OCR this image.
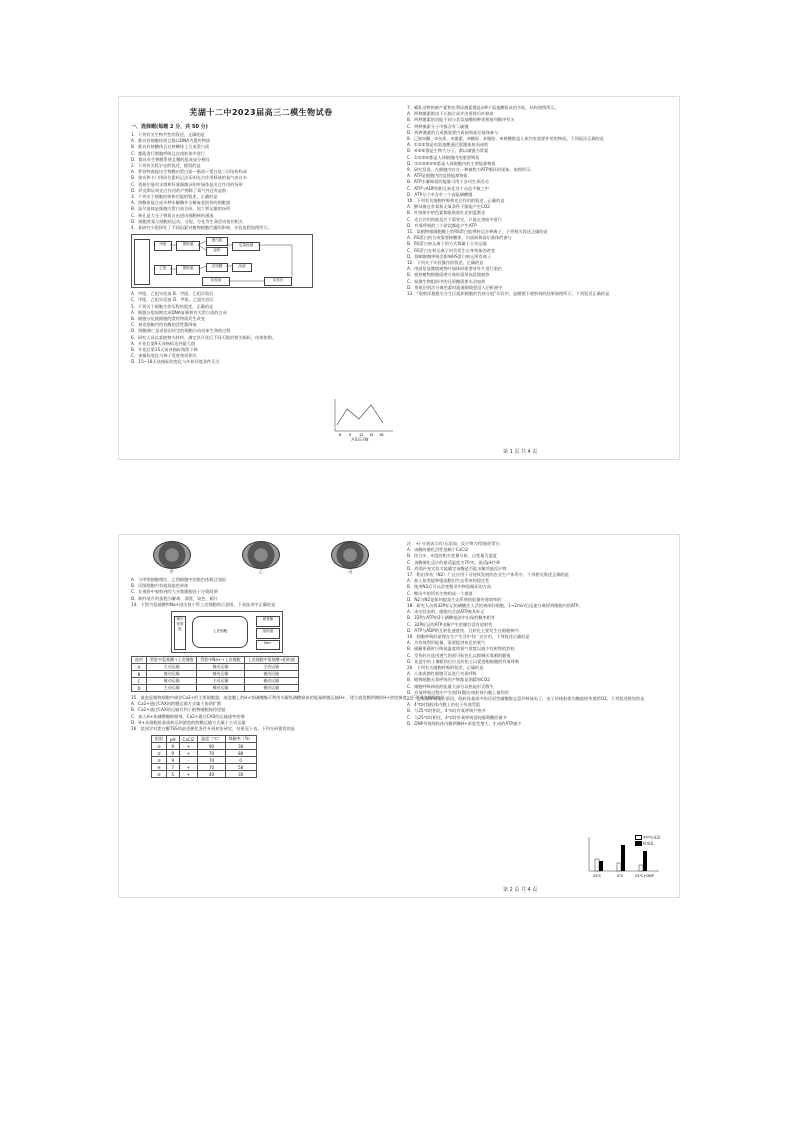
芜湖十二中2023届高三二模生物试卷
一、选择题(每题 2 分，共 50 分)
1．下列有关生物共性的叙述，正确的是
A．都具有细胞结构且都以DNA为遗传物质
B．都具有核糖体且在核糖体上合成蛋白质
C．都能进行细胞呼吸且在线粒体中进行
D．都具有生物膜系统且膜的组成成分相同
2．下列有关科学史的叙述，错误的是
A．罗伯特森提出生物膜由蛋白质—脂质—蛋白质三层结构构成
B．鲁宾和卡门用同位素标记法证明光合作用释放的氧气来自水
C．恩格尔曼用水绵和好氧细菌证明叶绿体是光合作用的场所
D．萨克斯证明光合作用的产物除了氧气外还有淀粉
3．下列关于细胞结构和功能的叙述，正确的是
A．溶酶体能合成多种水解酶并分解衰老损伤的细胞器
B．高尔基体是细胞内蛋白质合成、加工和运输的场所
C．核孔是大分子物质自由进出细胞核的通道
D．细胞骨架与细胞的运动、分裂、分化等生命活动密切相关
4．某研究小组探究了不同因素对植物细胞代谢的影响，实验流程如图所示。
甲组
乙组
提取液
提取液
蛋白质
淀粉
还原糖
定量检测
溶液
实验前	实验后
A．甲组、乙组实验前 B．甲组、乙组实验后
C．甲组、乙组实验前 D．甲组、乙组实验后
5．下列关于细胞生命历程的叙述，正确的是
A．细胞分裂间期完成DNA复制和有关蛋白质的合成
B．细胞分化使细胞的遗传物质发生改变
C．衰老细胞内所有酶的活性都降低
D．细胞凋亡是由基因决定的细胞自动结束生命的过程
6．研究人员以某植物为材料，测定其开花后不同天数的相关指标，结果如图。
A．开花后第9天该指标达到最大值
B．开花后第15天前该指标持续下降
C．该指标变化与种子发育密切相关
D．15~18天该指标的变化与外界环境条件无关
6 9 12 15 18
开花后天数
7．哺乳动物的催产素和抗利尿激素都是由9个氨基酸组成的多肽，结构如图所示。
A．两种激素都由下丘脑合成并由垂体后叶释放
B．两种激素的功能不同与其氨基酸的种类和排列顺序有关
C．两种激素分子中都含有二硫键
D．两种激素的合成都需要内质网和高尔基体参与
8．已知①酶、②抗体、③激素、④糖原、⑤脂肪、⑥核酸都是人体内有重要作用的物质，下列说法正确的是
A．①②③都是由氨基酸通过肽键连接而成的
B．④⑤⑥都是生物大分子，都以碳链为骨架
C．①②③⑥都是人体细胞内的重要物质
D．①②③④⑤⑥都是人体细胞内的主要能源物质
9．研究发现，在细胞内存在一种被称为ATP循环的现象，如图所示。
A．ATP是细胞内的直接能源物质
B．ATP水解释放的能量可用于各项生命活动
C．ATP与ADP的相互转化处于动态平衡之中
D．ATP分子中含有三个高能磷酸键
10．下列有关细胞呼吸和光合作用的叙述，正确的是
A．酵母菌在有氧和无氧条件下都能产生CO2
B．叶绿体中的色素都能吸收红光和蓝紫光
C．光合作用的暗反应不需要光，只能在黑暗中进行
D．有氧呼吸的三个阶段都能产生ATP
11．某植物根细胞膜上的RS蛋白能够转运多种离子，下列相关叙述正确的是
A．RS蛋白的合成需要核糖体、内质网和高尔基体的参与
B．RS蛋白转运离子的方式都属于主动运输
C．RS蛋白在转运离子时会发生自身构象的改变
D．抑制细胞呼吸会影响RS蛋白转运所有离子
12．下列关于实验操作的叙述，正确的是
A．用高倍显微镜观察叶绿体时需要对叶片进行染色
B．观察植物细胞质壁分离时需用高倍镜观察
C．检测生物组织中的还原糖需要水浴加热
D．用纸层析法分离色素时滤液细线要浸入层析液中
13．“观察洋葱根尖分生区组织细胞的有丝分裂”实验中，显微镜下观察到的结果如图所示，下列叙述正确的是
第 1 页 共 4 页
甲	乙	丙
A．与甲图细胞相比，乙图细胞中的染色体数目加倍
B．丙图细胞内有姐妹染色单体
C．在视野中观察到的大多数细胞处于分裂间期
D．制作装片的流程为解离、漂洗、染色、制片
14．下图为氨基酸和Na+进出肾小管上皮细胞的示意图，下表选项中正确的是
肾小管管腔	上皮细胞
氨基酸
组织液
Na+
选项	管腔中氨基酸→上皮细胞	管腔中Na+→上皮细胞	上皮细胞中氨基酸→组织液
A	主动运输	被动运输	主动运输
B	被动运输	被动运输	被动运输
C	被动运输	主动运输	被动运输
D	主动运输	被动运输	被动运输
15．液泡是植物细胞中储存Ca2+的主要细胞器，液泡膜上的H+焦磷酸酶可利用水解焦磷酸释放的能量跨膜运输H+，建立液泡膜两侧的H+浓度梯度。下列说法错误的是
A．Ca2+通过CAX的跨膜运输方式属于协助扩散
B．Ca2+通过CAX的运输有利于植物细胞保持坚挺
C．加入H+焦磷酸酶抑制剂，Ca2+通过CAX的运输速率变慢
D．H+从细胞质基质转运到液泡的跨膜运输方式属于主动运输
16．某同学对蛋白酶TSS的最适催化条件开展初步研究，结果见下表。下列分析错误的是
组别	pH	CaCl2	温度（℃）	降解率（%）
①	9	+	90	38
②	9	+	70	88
③	9	-	70	0
④	7	+	70	58
⑤	5	+	40	30
注：+/-分别表示有/无添加，反应物为Ⅰ型胶原蛋白
A．该酶的催化活性依赖于CaCl2
B．结合①、②组的相关变量分析，自变量为温度
C．该酶催化反应的最适温度为70℃，最适pH为9
D．尚需补充实验才能确定该酶是否能水解其他反应物
17．稻田养鱼（N2）广泛应用于可持续发展的农业生产体系中，下列相关叙述正确的是
A．加入鱼类能够提高稻田生态系统的稳定性
B．使用N2后可以改变稻田中物质循环的方向
C．稻田中的所有生物构成一个群落
D．N2与N2是如何提高生态系统的能量传递效率的
18．研究人员将32P标记的磷酸注入活的离体肝细胞，1~2min后迅速分离得到细胞内的ATP。
A．该实验表明，细胞内全部ATP被其标记
B．32P在ATP的3个磷酸基团中出现的概率相等
C．32P标记的ATP水解产生的腺苷没有放射性
D．ATP与ADP相互转化速度快，且转化主要发生在细胞核内
19．细胞呼吸的原理在生产生活中有广泛应用，下列叙述正确的是
A．为有效利用能量，需要提供充足的氧气
B．储藏果蔬时应降低温度和氧气浓度以减少有机物的消耗
C．受伤时应选用透气的创可贴包扎以抑制厌氧菌的繁殖
D．花盆中的土壤板结后应及时松土以促进根细胞的有氧呼吸
20．下列有关细胞呼吸的叙述，正确的是
A．人体成熟红细胞可以进行有氧呼吸
B．植物细胞无氧呼吸的产物都是酒精和CO2
C．细胞呼吸释放的能量大部分以热能形式散失
D．有氧呼吸过程中产生的[H]都在线粒体内膜上被利用
21．在有氧呼吸第三阶段，线粒体基质中的还原型辅酶脱去氢并释放电子，电子经线粒体内膜最终传递给O2。下列叙述错误的是
A．4℃时线粒体内膜上的电子传递受阻
B．与25℃时相比，4℃时有氧呼吸产热多
C．与25℃时相比，4℃时有氧呼吸消耗葡萄糖的量多
D．DNP导致线粒体内膜两侧H+浓度差增大，生成的ATP减少
25℃	4℃	25℃+DNP
ATP生成量
耗氧量
第 2 页 共 4 页
